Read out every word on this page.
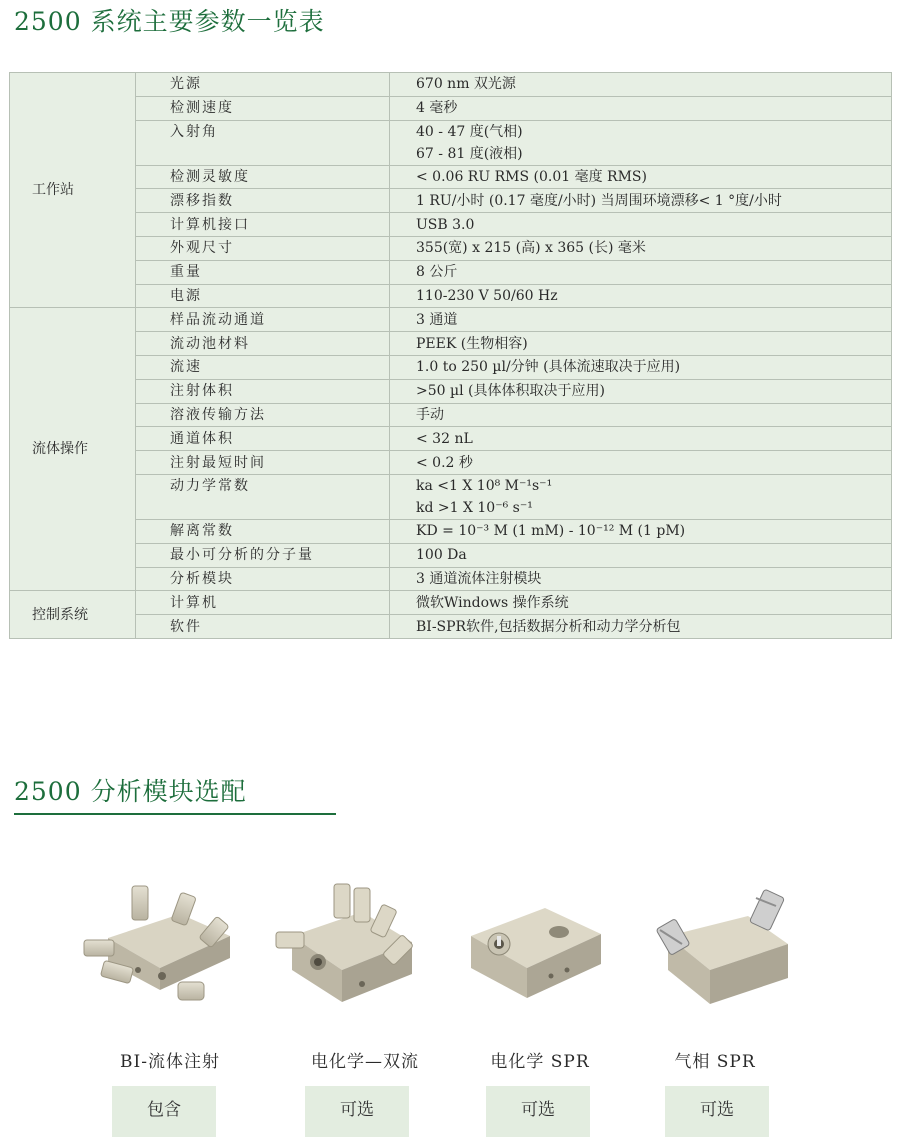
2500 系统主要参数一览表
工作站	光源	670 nm 双光源

	检测速度	4 毫秒

	入射角	40 - 47 度(气相)
67 - 81 度(液相)

	检测灵敏度	< 0.06 RU RMS (0.01 毫度 RMS)

	漂移指数	1 RU/小时 (0.17 毫度/小时) 当周围环境漂移< 1 °度/小时

	计算机接口	USB 3.0

	外观尺寸	355(宽) x 215 (高) x 365 (长) 毫米

	重量	8 公斤

	电源	110-230 V 50/60 Hz

流体操作	样品流动通道	3 通道

	流动池材料	PEEK (生物相容)

	流速	1.0 to 250 µl/分钟 (具体流速取决于应用)

	注射体积	>50 µl (具体体积取决于应用)

	溶液传输方法	手动

	通道体积	< 32 nL

	注射最短时间	< 0.2 秒

	动力学常数	ka <1 X 10⁸ M⁻¹s⁻¹
kd >1 X 10⁻⁶ s⁻¹

	解离常数	KD = 10⁻³ M (1 mM) - 10⁻¹² M (1 pM)

	最小可分析的分子量	100 Da

	分析模块	3 通道流体注射模块

控制系统	计算机	微软Windows 操作系统

	软件	BI-SPR软件,包括数据分析和动力学分析包
2500 分析模块选配
BI-流体注射
包含
电化学—双流
可选
电化学 SPR
可选
气相 SPR
可选
